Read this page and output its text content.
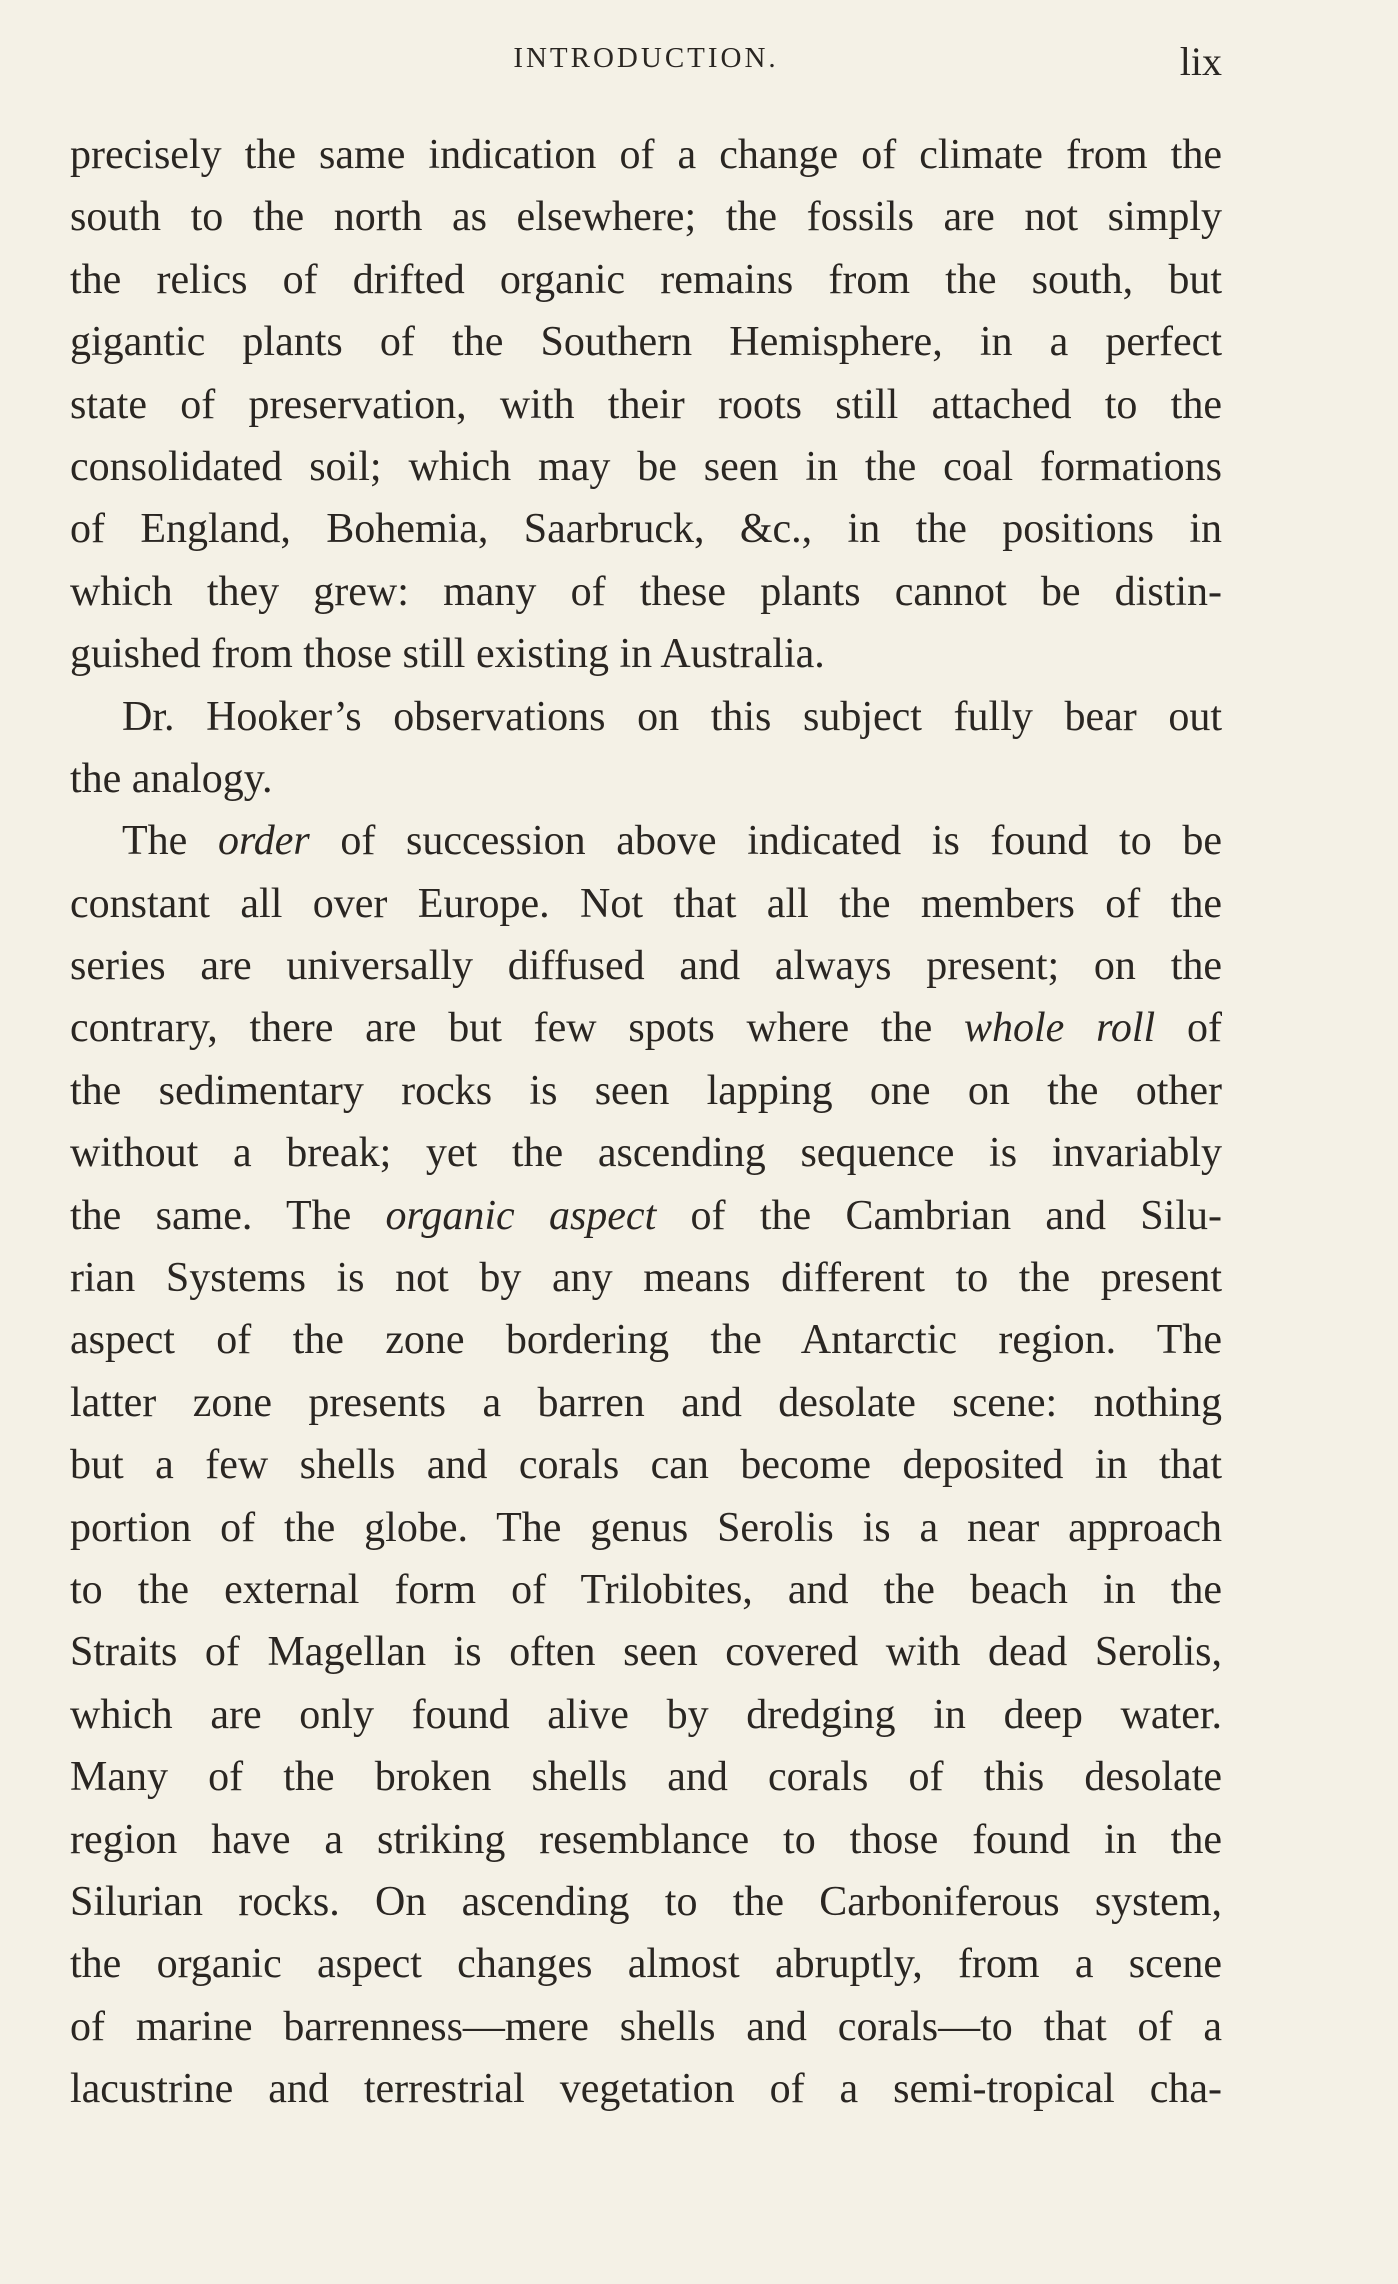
INTRODUCTION.	lix
precisely the same indication of a change of climate from the
south to the north as elsewhere; the fossils are not simply
the relics of drifted organic remains from the south, but
gigantic plants of the Southern Hemisphere, in a perfect
state of preservation, with their roots still attached to the
consolidated soil; which may be seen in the coal formations
of England, Bohemia, Saarbruck, &c., in the positions in
which they grew: many of these plants cannot be distin-
guished from those still existing in Australia.
Dr. Hooker’s observations on this subject fully bear out
the analogy.
The order of succession above indicated is found to be
constant all over Europe. Not that all the members of the
series are universally diffused and always present; on the
contrary, there are but few spots where the whole roll of
the sedimentary rocks is seen lapping one on the other
without a break; yet the ascending sequence is invariably
the same. The organic aspect of the Cambrian and Silu-
rian Systems is not by any means different to the present
aspect of the zone bordering the Antarctic region. The
latter zone presents a barren and desolate scene: nothing
but a few shells and corals can become deposited in that
portion of the globe. The genus Serolis is a near approach
to the external form of Trilobites, and the beach in the
Straits of Magellan is often seen covered with dead Serolis,
which are only found alive by dredging in deep water.
Many of the broken shells and corals of this desolate
region have a striking resemblance to those found in the
Silurian rocks. On ascending to the Carboniferous system,
the organic aspect changes almost abruptly, from a scene
of marine barrenness—mere shells and corals—to that of a
lacustrine and terrestrial vegetation of a semi-tropical cha-
